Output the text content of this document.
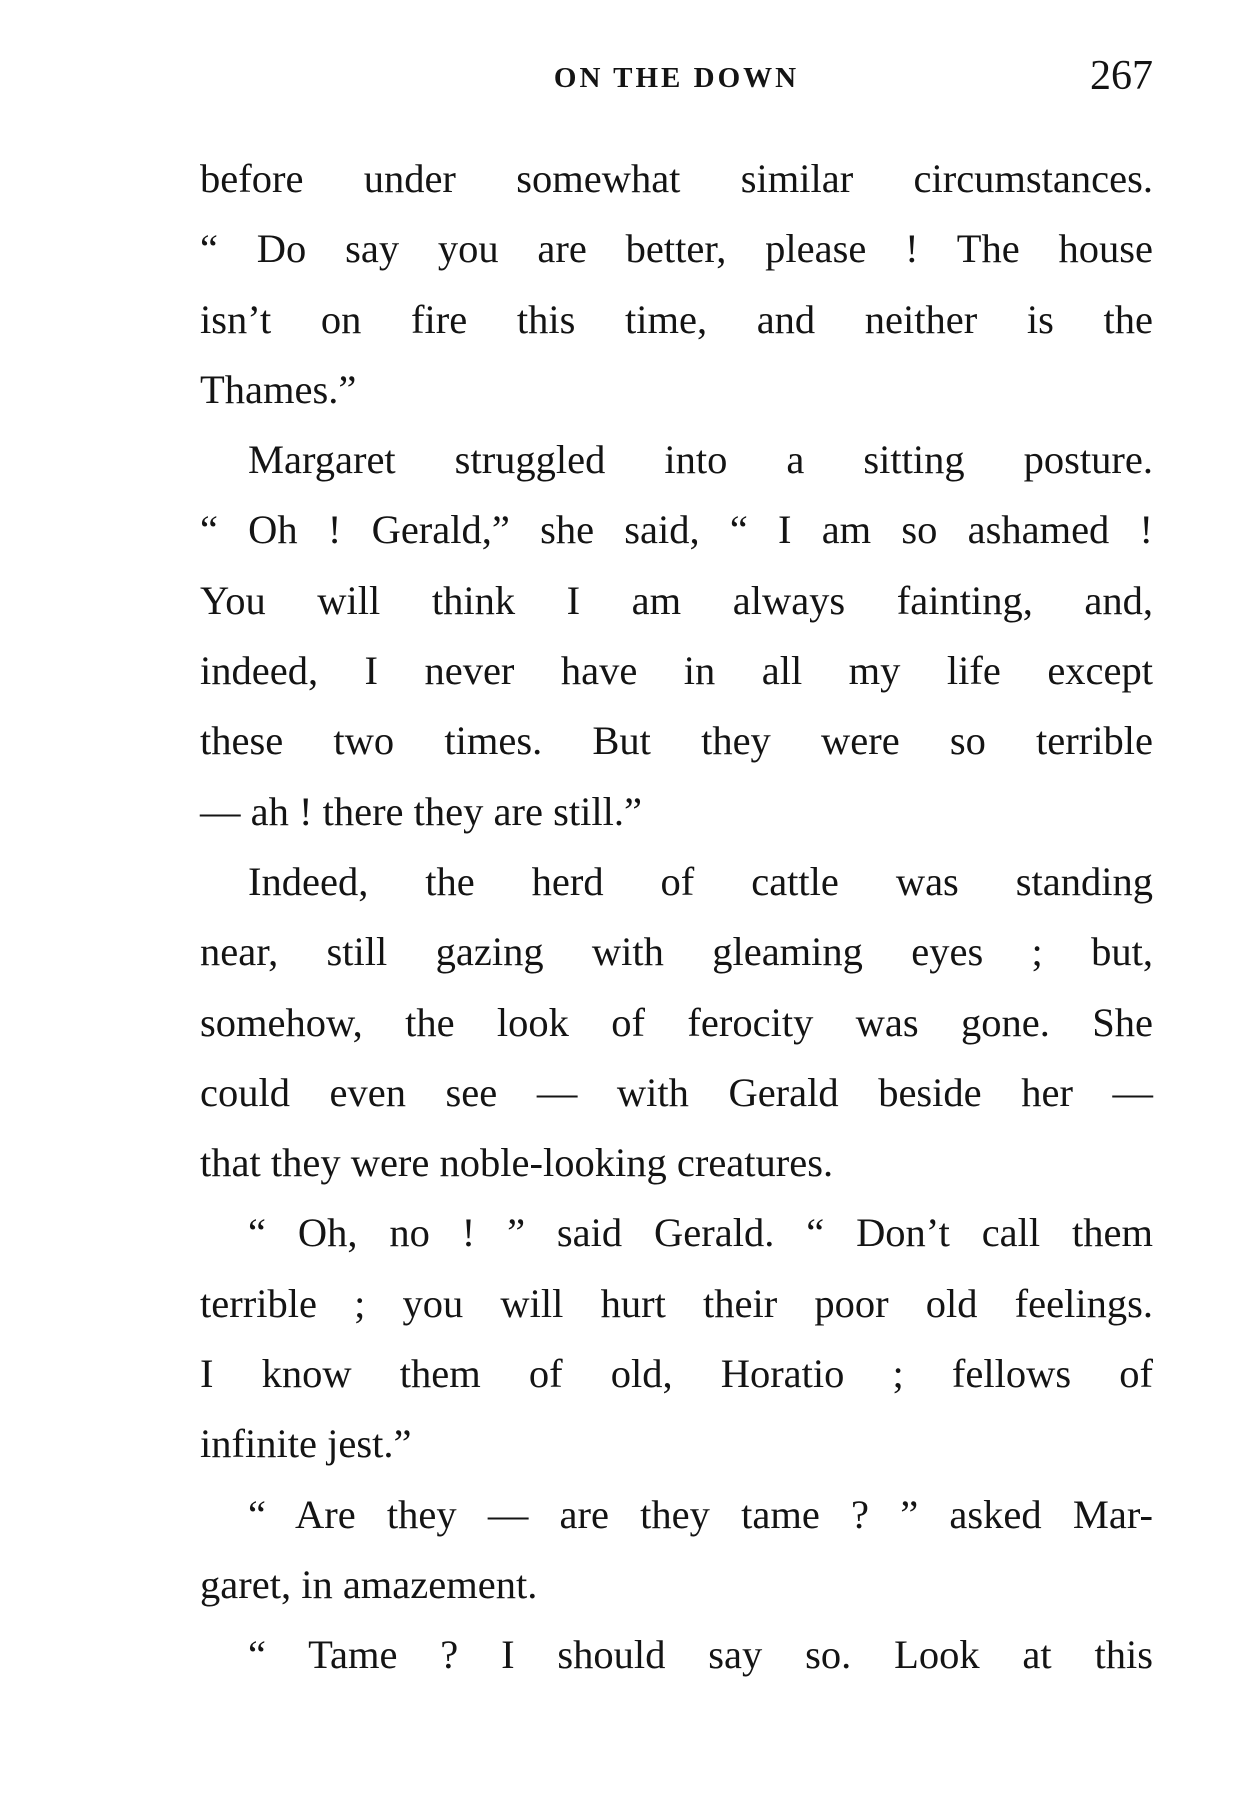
ON THE DOWN	267
before under somewhat similar circumstances.
“ Do say you are better, please ! The house
isn’t on fire this time, and neither is the
Thames.”
Margaret struggled into a sitting posture.
“ Oh ! Gerald,” she said, “ I am so ashamed !
You will think I am always fainting, and,
indeed, I never have in all my life except
these two times. But they were so terrible
— ah ! there they are still.”
Indeed, the herd of cattle was standing
near, still gazing with gleaming eyes ; but,
somehow, the look of ferocity was gone. She
could even see — with Gerald beside her —
that they were noble-looking creatures.
“ Oh, no ! ” said Gerald. “ Don’t call them
terrible ; you will hurt their poor old feelings.
I know them of old, Horatio ; fellows of
infinite jest.”
“ Are they — are they tame ? ” asked Mar-
garet, in amazement.
“ Tame ? I should say so. Look at this
